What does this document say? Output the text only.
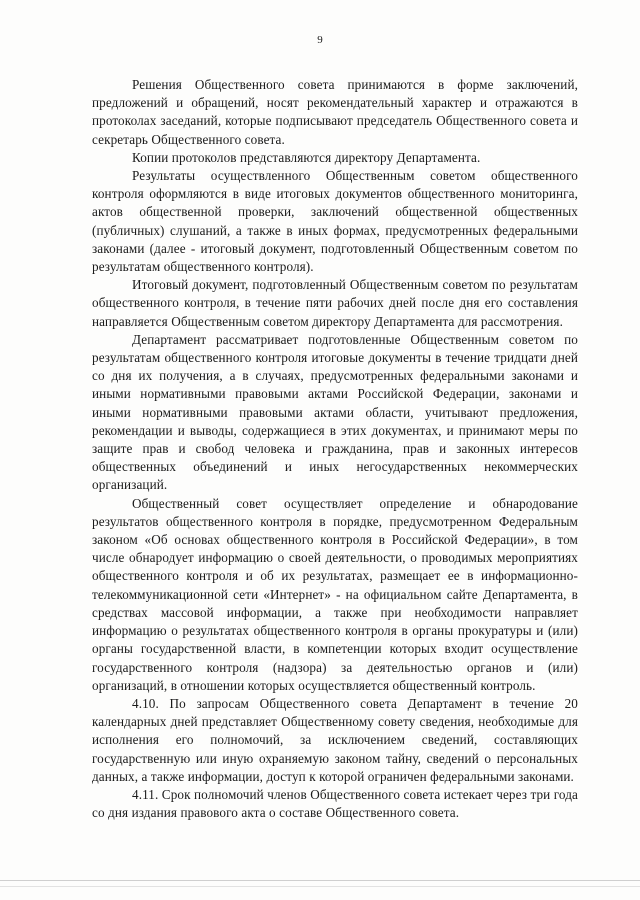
9

Решения Общественного совета принимаются в форме заключений, предложений и обращений, носят рекомендательный характер и отражаются в протоколах заседаний, которые подписывают председатель Общественного совета и секретарь Общественного совета.

Копии протоколов представляются директору Департамента.

Результаты осуществленного Общественным советом общественного контроля оформляются в виде итоговых документов общественного мониторинга, актов общественной проверки, заключений общественной общественных (публичных) слушаний, а также в иных формах, предусмотренных федеральными законами (далее - итоговый документ, подготовленный Общественным советом по результатам общественного контроля).

Итоговый документ, подготовленный Общественным советом по результатам общественного контроля, в течение пяти рабочих дней после дня его составления направляется Общественным советом директору Департамента для рассмотрения.

Департамент рассматривает подготовленные Общественным советом по результатам общественного контроля итоговые документы в течение тридцати дней со дня их получения, а в случаях, предусмотренных федеральными законами и иными нормативными правовыми актами Российской Федерации, законами и иными нормативными правовыми актами области, учитывают предложения, рекомендации и выводы, содержащиеся в этих документах, и принимают меры по защите прав и свобод человека и гражданина, прав и законных интересов общественных объединений и иных негосударственных некоммерческих организаций.

Общественный совет осуществляет определение и обнародование результатов общественного контроля в порядке, предусмотренном Федеральным законом «Об основах общественного контроля в Российской Федерации», в том числе обнародует информацию о своей деятельности, о проводимых мероприятиях общественного контроля и об их результатах, размещает ее в информационно-телекоммуникационной сети «Интернет» - на официальном сайте Департамента, в средствах массовой информации, а также при необходимости направляет информацию о результатах общественного контроля в органы прокуратуры и (или) органы государственной власти, в компетенции которых входит осуществление государственного контроля (надзора) за деятельностью органов и (или) организаций, в отношении которых осуществляется общественный контроль.

4.10. По запросам Общественного совета Департамент в течение 20 календарных дней представляет Общественному совету сведения, необходимые для исполнения его полномочий, за исключением сведений, составляющих государственную или иную охраняемую законом тайну, сведений о персональных данных, а также информации, доступ к которой ограничен федеральными законами.

4.11. Срок полномочий членов Общественного совета истекает через три года со дня издания правового акта о составе Общественного совета.
